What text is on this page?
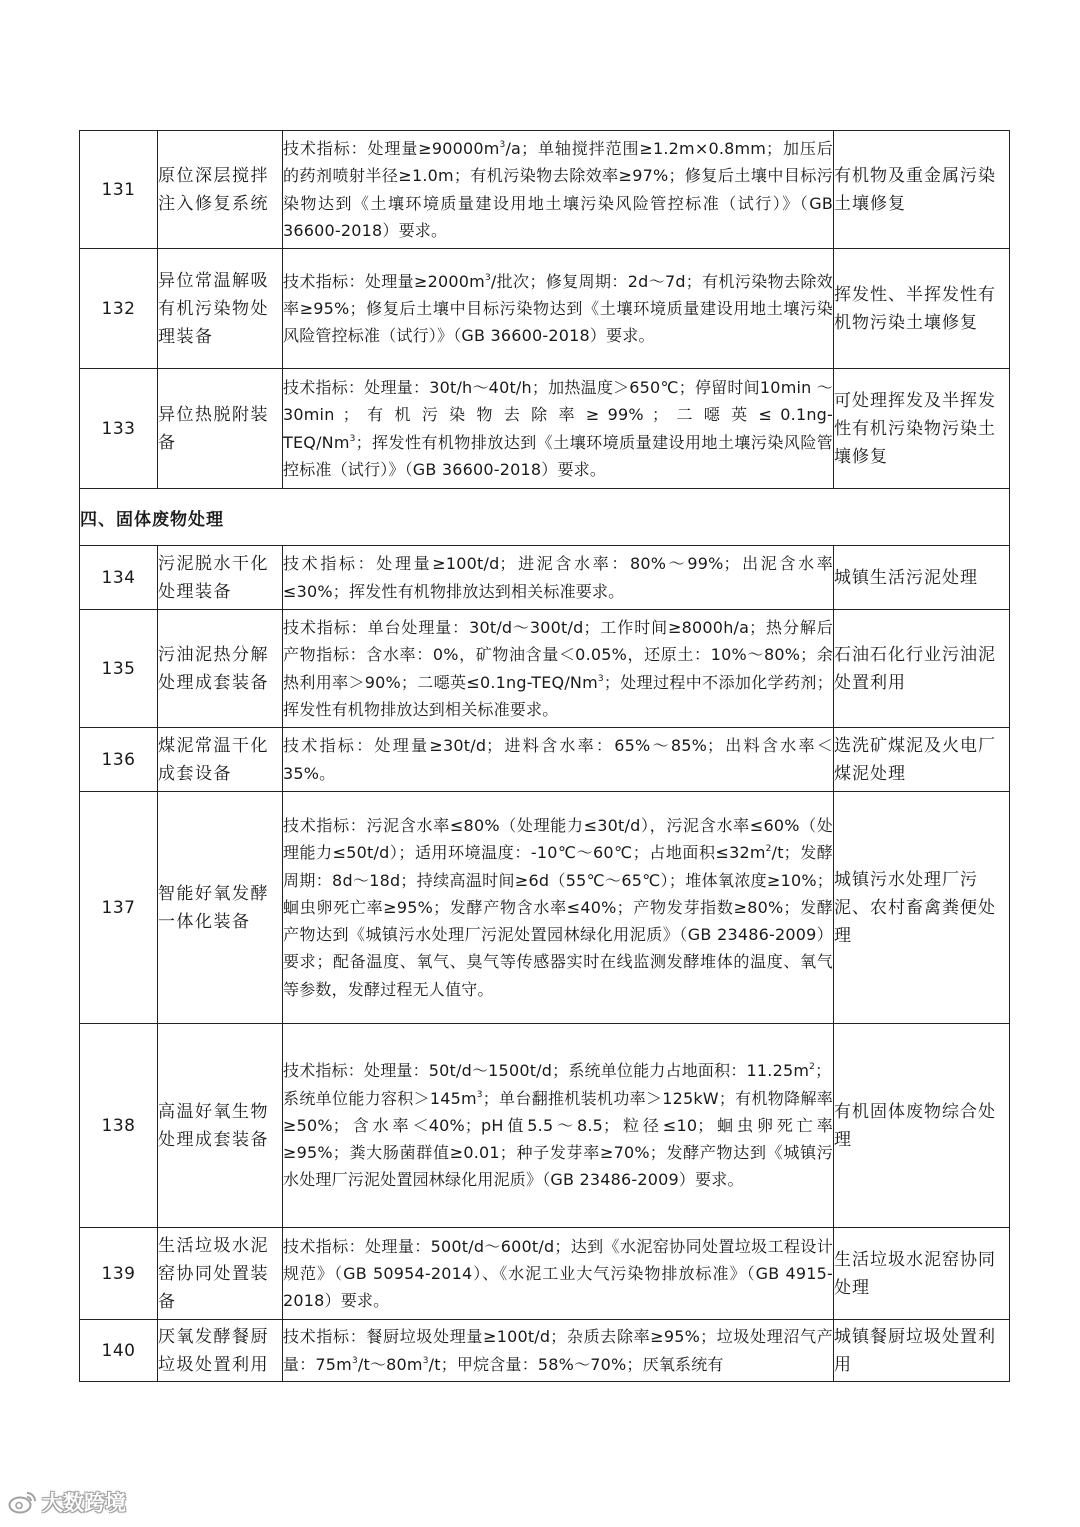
131	原位深层搅拌注入修复系统	技术指标：处理量$\ge 90000m^3/a$；单轴搅拌范围≥1.2m×0.8mm；加压后的药剂喷射半径≥1.0m；有机污染物去除效率≥97%；修复后土壤中目标污染物达到《土壤环境质量建设用地土壤污染风险管控标准（试行）》（GB 36600-2018）要求。	有机物及重金属污染土壤修复
132	异位常温解吸有机污染物处理装备	技术指标：处理量$\ge 2000m^3/$批次；修复周期：2d～7d；有机污染物去除效率≥95%；修复后土壤中目标污染物达到《土壤环境质量建设用地土壤污染风险管控标准（试行）》（GB 36600-2018）要求。	挥发性、半挥发性有机物污染土壤修复
133	异位热脱附装备	技术指标：处理量：30t/h～40t/h；加热温度＞650℃；停留时间10min ～ 30min ； 有 机 污 染 物 去 除 率 ≥ 99% ； 二 噁 英 ≤ $0.1ng-TEQ/Nm^3$；挥发性有机物排放达到《土壤环境质量建设用地土壤污染风险管控标准（试行）》（GB 36600-2018）要求。	可处理挥发及半挥发性有机污染物污染土壤修复
四、固体废物处理			
134	污泥脱水干化处理装备	技术指标：处理量≥100t/d；进泥含水率：80%～99%；出泥含水率≤30%；挥发性有机物排放达到相关标准要求。	城镇生活污泥处理
135	污油泥热分解处理成套装备	技术指标：单台处理量：30t/d～300t/d；工作时间≥8000h/a；热分解后产物指标：含水率：0%，矿物油含量＜0.05%，还原土：10%～80%；余热利用率＞90%；二噁英$\le 0.1ng-TEQ/Nm^3$；处理过程中不添加化学药剂；挥发性有机物排放达到相关标准要求。	石油石化行业污油泥处置利用
136	煤泥常温干化成套设备	技术指标：处理量≥30t/d；进料含水率：65%～85%；出料含水率＜35%。	选洗矿煤泥及火电厂煤泥处理
137	智能好氧发酵一体化装备	技术指标：污泥含水率≤80%（处理能力≤30t/d），污泥含水率≤60%（处理能力≤50t/d）；适用环境温度：-10℃～60℃；占地面积$\le 32m^2/t$；发酵周期：8d～18d；持续高温时间≥6d（55℃～65℃）；堆体氧浓度≥10%；蛔虫卵死亡率≥95%；发酵产物含水率≤40%；产物发芽指数≥80%；发酵产物达到《城镇污水处理厂污泥处置园林绿化用泥质》（GB 23486-2009）要求；配备温度、氧气、臭气等传感器实时在线监测发酵堆体的温度、氧气等参数，发酵过程无人值守。	城镇污水处理厂污泥、农村畜禽粪便处理
138	高温好氧生物处理成套装备	技术指标：处理量：50t/d～1500t/d；系统单位能力占地面积：$11.25m^2$；
系统单位能力容积$>145m^3$；单台翻推机装机功率＞125kW；有机物降解率≥50%；含水率＜40%；pH值5.5～8.5；粒径≤10；蛔虫卵死亡率≥95%；粪大肠菌群值≥0.01；种子发芽率≥70%；发酵产物达到《城镇污水处理厂污泥处置园林绿化用泥质》（GB 23486-2009）要求。	有机固体废物综合处理
139	生活垃圾水泥窑协同处置装备	技术指标：处理量：500t/d～600t/d；达到《水泥窑协同处置垃圾工程设计规范》（GB 50954-2014）、《水泥工业大气污染物排放标准》（GB 4915-2018）要求。	生活垃圾水泥窑协同处理
140	厌氧发酵餐厨垃圾处置利用	技术指标：餐厨垃圾处理量≥100t/d；杂质去除率≥95%；垃圾处理沼气产量：$75m^3/t\sim 80m^3/t$；甲烷含量：58%～70%；厌氧系统有	城镇餐厨垃圾处置利用
大数跨境
